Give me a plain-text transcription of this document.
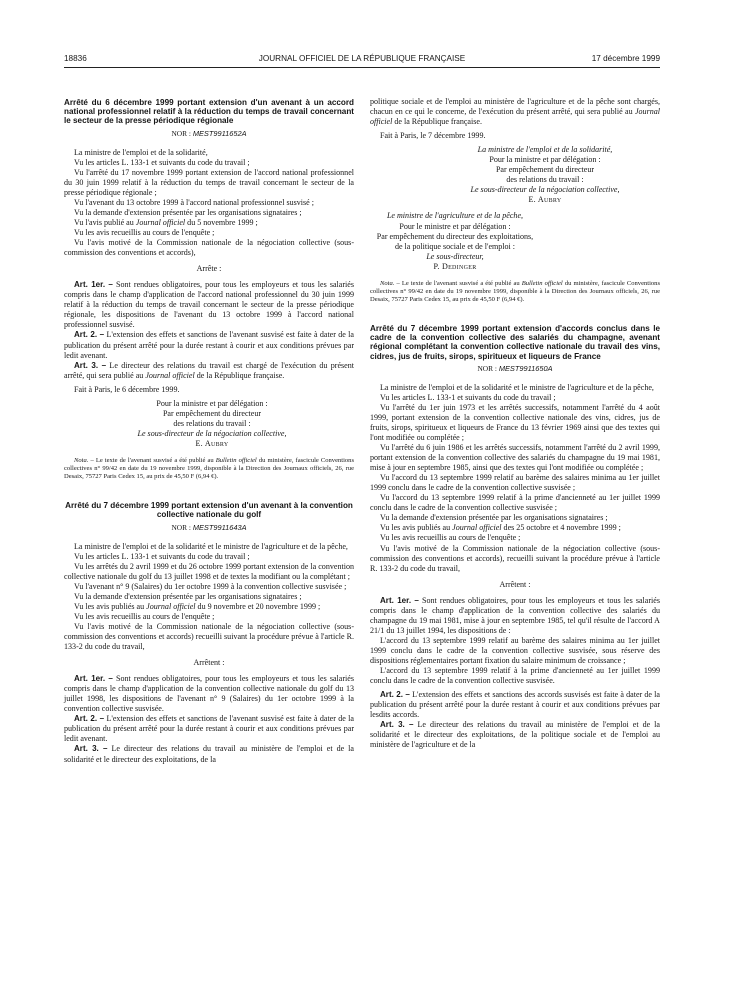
18836	JOURNAL OFFICIEL DE LA RÉPUBLIQUE FRANÇAISE	17 décembre 1999

Arrêté du 6 décembre 1999 portant extension d'un avenant à un accord national professionnel relatif à la réduction du temps de travail concernant le secteur de la presse périodique régionale

NOR : MEST9911652A

La ministre de l'emploi et de la solidarité,

Vu les articles L. 133-1 et suivants du code du travail ;

Vu l'arrêté du 17 novembre 1999 portant extension de l'accord national professionnel du 30 juin 1999 relatif à la réduction du temps de travail concernant le secteur de la presse périodique régionale ;

Vu l'avenant du 13 octobre 1999 à l'accord national professionnel susvisé ;

Vu la demande d'extension présentée par les organisations signataires ;

Vu l'avis publié au Journal officiel du 5 novembre 1999 ;

Vu les avis recueillis au cours de l'enquête ;

Vu l'avis motivé de la Commission nationale de la négociation collective (sous-commission des conventions et accords),

Arrête :

Art. 1er. – Sont rendues obligatoires, pour tous les employeurs et tous les salariés compris dans le champ d'application de l'accord national professionnel du 30 juin 1999 relatif à la réduction du temps de travail concernant le secteur de la presse périodique régionale, les dispositions de l'avenant du 13 octobre 1999 à l'accord national professionnel susvisé.

Art. 2. – L'extension des effets et sanctions de l'avenant susvisé est faite à dater de la publication du présent arrêté pour la durée restant à courir et aux conditions prévues par ledit avenant.

Art. 3. – Le directeur des relations du travail est chargé de l'exécution du présent arrêté, qui sera publié au Journal officiel de la République française.

Fait à Paris, le 6 décembre 1999.

Pour la ministre et par délégation :

Par empêchement du directeur

des relations du travail :

Le sous-directeur de la négociation collective,

E. Aubry

Nota. – Le texte de l'avenant susvisé a été publié au Bulletin officiel du ministère, fascicule Conventions collectives n° 99/42 en date du 19 novembre 1999, disponible à la Direction des Journaux officiels, 26, rue Desaix, 75727 Paris Cedex 15, au prix de 45,50 F (6,94 €).

Arrêté du 7 décembre 1999 portant extension d'un avenant à la convention collective nationale du golf

NOR : MEST9911643A

La ministre de l'emploi et de la solidarité et le ministre de l'agriculture et de la pêche,

Vu les articles L. 133-1 et suivants du code du travail ;

Vu les arrêtés du 2 avril 1999 et du 26 octobre 1999 portant extension de la convention collective nationale du golf du 13 juillet 1998 et de textes la modifiant ou la complétant ;

Vu l'avenant n° 9 (Salaires) du 1er octobre 1999 à la convention collective susvisée ;

Vu la demande d'extension présentée par les organisations signataires ;

Vu les avis publiés au Journal officiel du 9 novembre et 20 novembre 1999 ;

Vu les avis recueillis au cours de l'enquête ;

Vu l'avis motivé de la Commission nationale de la négociation collective (sous-commission des conventions et accords) recueilli suivant la procédure prévue à l'article R. 133-2 du code du travail,

Arrêtent :

Art. 1er. – Sont rendues obligatoires, pour tous les employeurs et tous les salariés compris dans le champ d'application de la convention collective nationale du golf du 13 juillet 1998, les dispositions de l'avenant n° 9 (Salaires) du 1er octobre 1999 à la convention collective susvisée.

Art. 2. – L'extension des effets et sanctions de l'avenant susvisé est faite à dater de la publication du présent arrêté pour la durée restant à courir et aux conditions prévues par ledit avenant.

Art. 3. – Le directeur des relations du travail au ministère de l'emploi et de la solidarité et le directeur des exploitations, de la

politique sociale et de l'emploi au ministère de l'agriculture et de la pêche sont chargés, chacun en ce qui le concerne, de l'exécution du présent arrêté, qui sera publié au Journal officiel de la République française.

Fait à Paris, le 7 décembre 1999.

La ministre de l'emploi et de la solidarité,

Pour la ministre et par délégation :

Par empêchement du directeur

des relations du travail :

Le sous-directeur de la négociation collective,

E. Aubry

Le ministre de l'agriculture et de la pêche,

Pour le ministre et par délégation :

Par empêchement du directeur des exploitations,

de la politique sociale et de l'emploi :

Le sous-directeur,

P. Dedinger

Nota. – Le texte de l'avenant susvisé a été publié au Bulletin officiel du ministère, fascicule Conventions collectives n° 99/42 en date du 19 novembre 1999, disponible à la Direction des Journaux officiels, 26, rue Desaix, 75727 Paris Cedex 15, au prix de 45,50 F (6,94 €).

Arrêté du 7 décembre 1999 portant extension d'accords conclus dans le cadre de la convention collective des salariés du champagne, avenant régional complétant la convention collective nationale du travail des vins, cidres, jus de fruits, sirops, spiritueux et liqueurs de France

NOR : MEST9911650A

La ministre de l'emploi et de la solidarité et le ministre de l'agriculture et de la pêche,

Vu les articles L. 133-1 et suivants du code du travail ;

Vu l'arrêté du 1er juin 1973 et les arrêtés successifs, notamment l'arrêté du 4 août 1999, portant extension de la convention collective nationale des vins, cidres, jus de fruits, sirops, spiritueux et liqueurs de France du 13 février 1969 ainsi que des textes qui l'ont modifiée ou complétée ;

Vu l'arrêté du 6 juin 1986 et les arrêtés successifs, notamment l'arrêté du 2 avril 1999, portant extension de la convention collective des salariés du champagne du 19 mai 1981, mise à jour en septembre 1985, ainsi que des textes qui l'ont modifiée ou complétée ;

Vu l'accord du 13 septembre 1999 relatif au barème des salaires minima au 1er juillet 1999 conclu dans le cadre de la convention collective susvisée ;

Vu l'accord du 13 septembre 1999 relatif à la prime d'ancienneté au 1er juillet 1999 conclu dans le cadre de la convention collective susvisée ;

Vu la demande d'extension présentée par les organisations signataires ;

Vu les avis publiés au Journal officiel des 25 octobre et 4 novembre 1999 ;

Vu les avis recueillis au cours de l'enquête ;

Vu l'avis motivé de la Commission nationale de la négociation collective (sous-commission des conventions et accords), recueilli suivant la procédure prévue à l'article R. 133-2 du code du travail,

Arrêtent :

Art. 1er. – Sont rendues obligatoires, pour tous les employeurs et tous les salariés compris dans le champ d'application de la convention collective des salariés du champagne du 19 mai 1981, mise à jour en septembre 1985, tel qu'il résulte de l'accord A 21/1 du 13 juillet 1994, les dispositions de :

L'accord du 13 septembre 1999 relatif au barème des salaires minima au 1er juillet 1999 conclu dans le cadre de la convention collective susvisée, sous réserve des dispositions réglementaires portant fixation du salaire minimum de croissance ;

L'accord du 13 septembre 1999 relatif à la prime d'ancienneté au 1er juillet 1999 conclu dans le cadre de la convention collective susvisée.

Art. 2. – L'extension des effets et sanctions des accords susvisés est faite à dater de la publication du présent arrêté pour la durée restant à courir et aux conditions prévues par lesdits accords.

Art. 3. – Le directeur des relations du travail au ministère de l'emploi et de la solidarité et le directeur des exploitations, de la politique sociale et de l'emploi au ministère de l'agriculture et de la
